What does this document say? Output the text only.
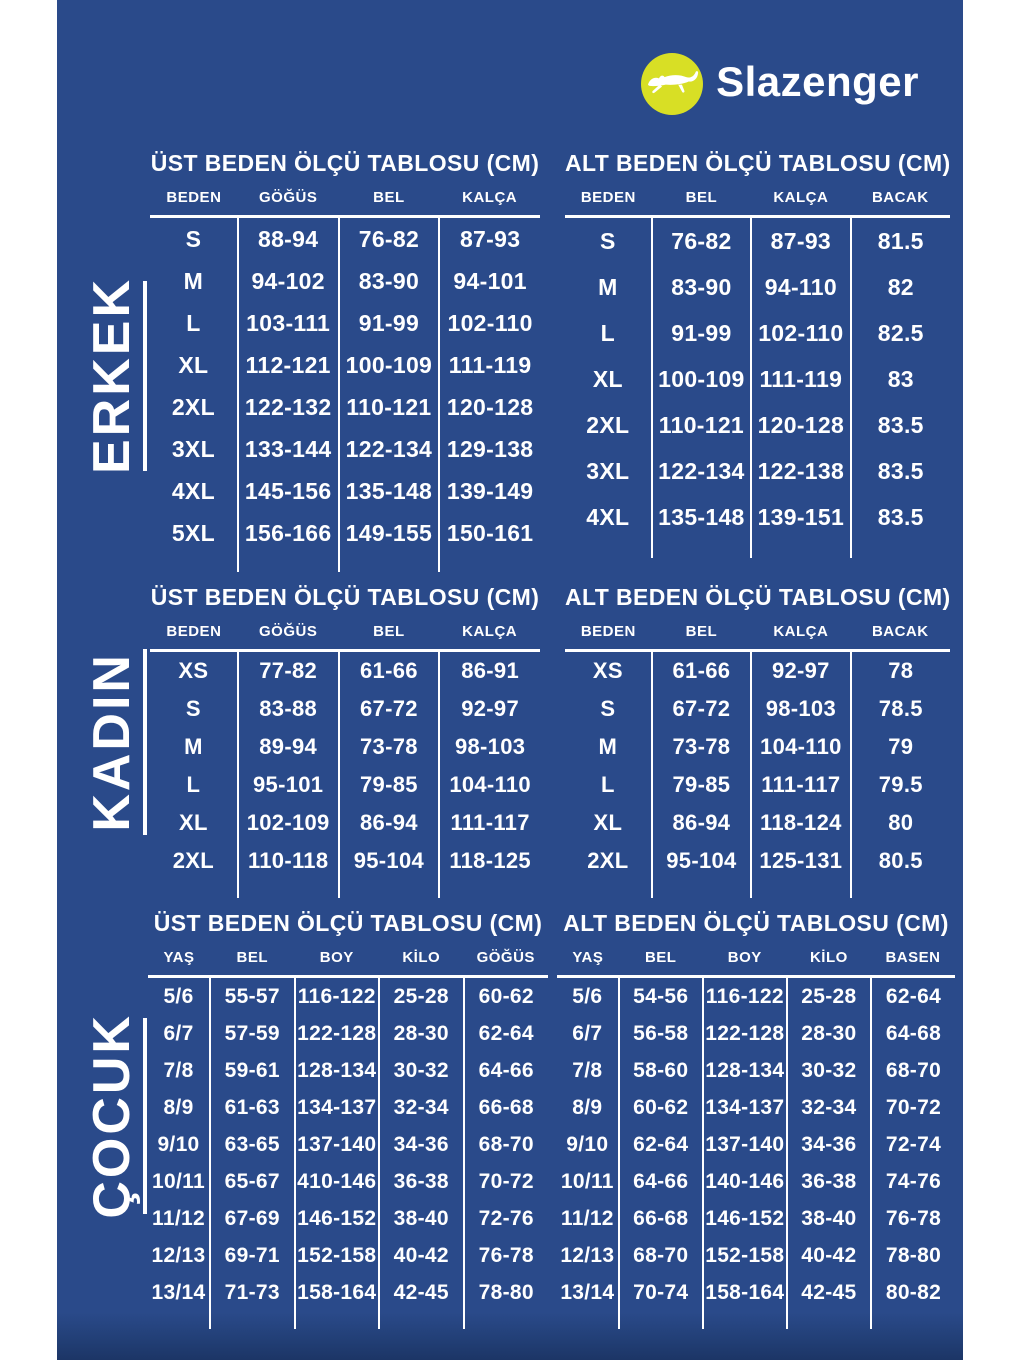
Slazenger
ERKEK
KADIN
ÇOCUK
ÜST BEDEN ÖLÇÜ TABLOSU (CM)
BEDEN	GÖĞÜS	BEL	KALÇA
S	88-94	76-82	87-93
M	94-102	83-90	94-101
L	103-111	91-99	102-110
XL	112-121	100-109	111-119
2XL	122-132	110-121	120-128
3XL	133-144	122-134	129-138
4XL	145-156	135-148	139-149
5XL	156-166	149-155	150-161

ALT BEDEN ÖLÇÜ TABLOSU (CM)
BEDEN	BEL	KALÇA	BACAK
S	76-82	87-93	81.5
M	83-90	94-110	82
L	91-99	102-110	82.5
XL	100-109	111-119	83
2XL	110-121	120-128	83.5
3XL	122-134	122-138	83.5
4XL	135-148	139-151	83.5

ÜST BEDEN ÖLÇÜ TABLOSU (CM)
BEDEN	GÖĞÜS	BEL	KALÇA
XS	77-82	61-66	86-91
S	83-88	67-72	92-97
M	89-94	73-78	98-103
L	95-101	79-85	104-110
XL	102-109	86-94	111-117
2XL	110-118	95-104	118-125

ALT BEDEN ÖLÇÜ TABLOSU (CM)
BEDEN	BEL	KALÇA	BACAK
XS	61-66	92-97	78
S	67-72	98-103	78.5
M	73-78	104-110	79
L	79-85	111-117	79.5
XL	86-94	118-124	80
2XL	95-104	125-131	80.5

ÜST BEDEN ÖLÇÜ TABLOSU (CM)
YAŞ	BEL	BOY	KİLO	GÖĞÜS
5/6	55-57	116-122	25-28	60-62
6/7	57-59	122-128	28-30	62-64
7/8	59-61	128-134	30-32	64-66
8/9	61-63	134-137	32-34	66-68
9/10	63-65	137-140	34-36	68-70
10/11	65-67	410-146	36-38	70-72
11/12	67-69	146-152	38-40	72-76
12/13	69-71	152-158	40-42	76-78
13/14	71-73	158-164	42-45	78-80

ALT BEDEN ÖLÇÜ TABLOSU (CM)
YAŞ	BEL	BOY	KİLO	BASEN
5/6	54-56	116-122	25-28	62-64
6/7	56-58	122-128	28-30	64-68
7/8	58-60	128-134	30-32	68-70
8/9	60-62	134-137	32-34	70-72
9/10	62-64	137-140	34-36	72-74
10/11	64-66	140-146	36-38	74-76
11/12	66-68	146-152	38-40	76-78
12/13	68-70	152-158	40-42	78-80
13/14	70-74	158-164	42-45	80-82
